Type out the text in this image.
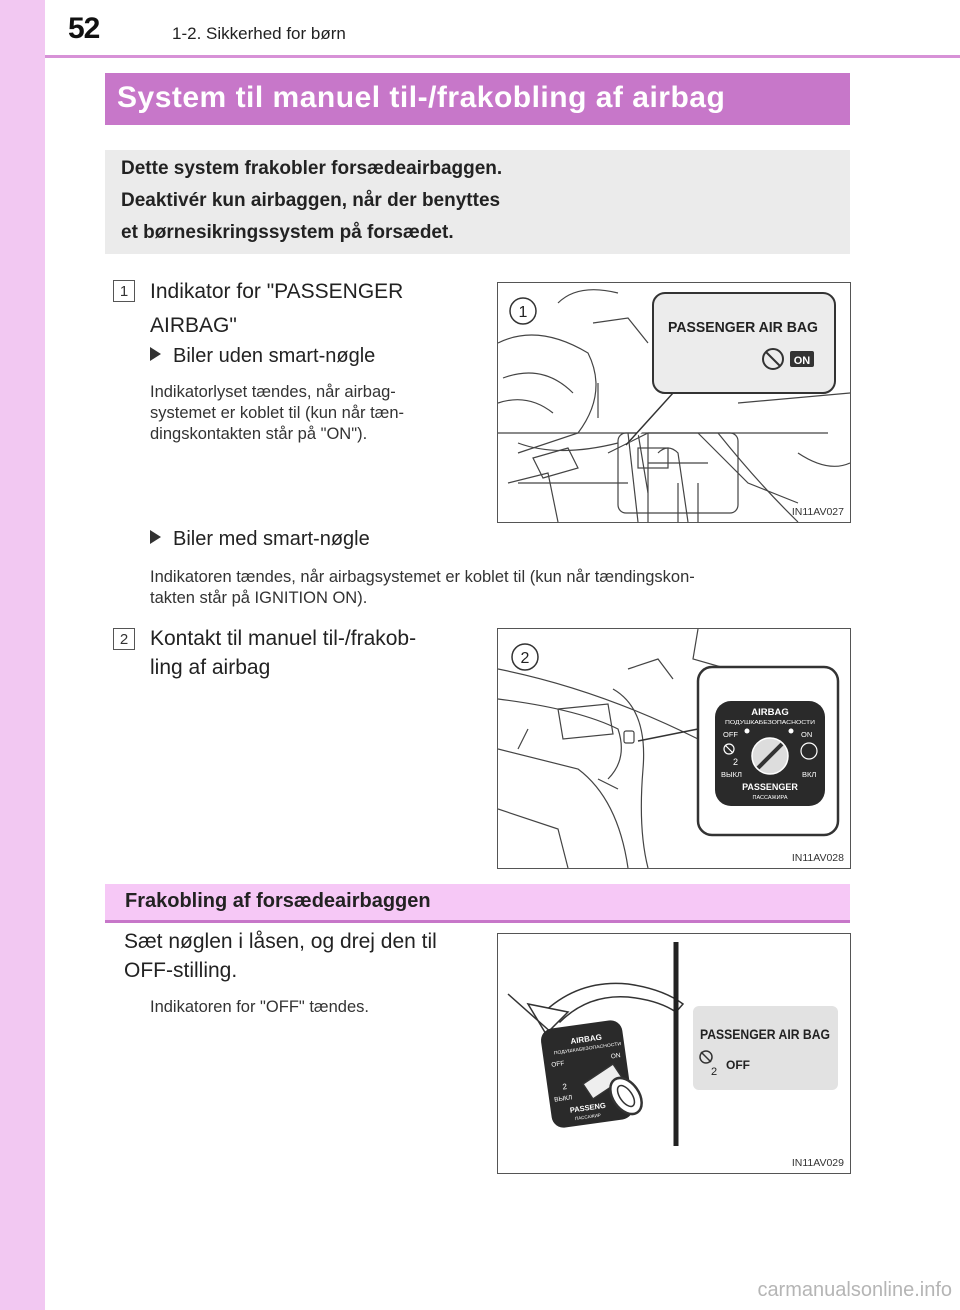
52	1-2. Sikkerhed for børn
System til manuel til-/frakobling af airbag
Dette system frakobler forsædeairbaggen.
Deaktivér kun airbaggen, når der benyttes
et børnesikringssystem på forsædet.
1	Indikator for "PASSENGER
AIRBAG"
Biler uden smart-nøgle
Indikatorlyset tændes, når airbag-
systemet er koblet til (kun når tæn-
dingskontakten står på "ON").
Biler med smart-nøgle
Indikatoren tændes, når airbagsystemet er koblet til (kun når tændingskon-
takten står på IGNITION ON).
1
PASSENGER AIR BAG
ON
IN11AV027
2	Kontakt til manuel til-/frakob-
ling af airbag	2
AIRBAG
ПОДУШКАБЕЗОПАСНОСТИ
OFF	ON
2
ВЫКЛ	ВКЛ
PASSENGER
ПАССАЖИРА
IN11AV028
Frakobling af forsædeairbaggen
Sæt nøglen i låsen, og drej den til
OFF-stilling.
Indikatoren for "OFF" tændes.
AIRBAG
ПОДУШКАБЕЗОПАСНОСТИ
OFF
ON
2
ВЫКЛ
PASSENG
ПАССАЖИР
PASSENGER AIR BAG
2 OFF
IN11AV029
carmanualsonline.info
